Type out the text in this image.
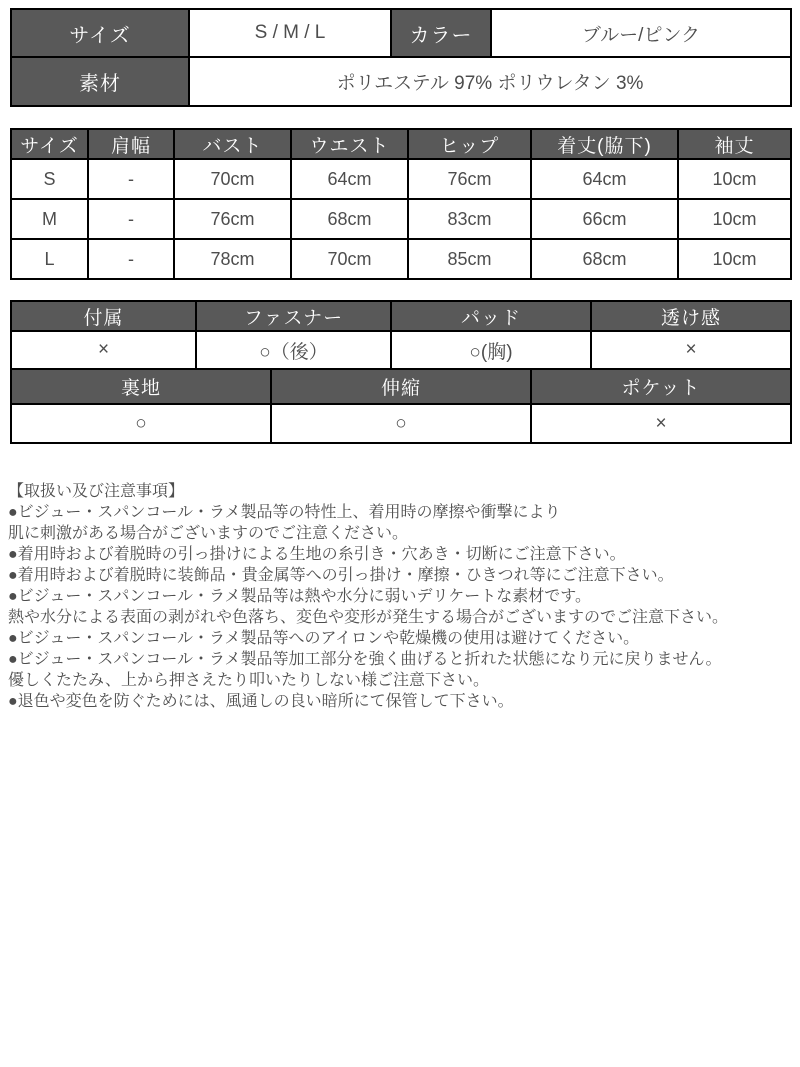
サイズ	S / M / L	カラー	ブルー/ピンク
素材	ポリエステル 97% ポリウレタン 3%		
サイズ	肩幅	バスト	ウエスト	ヒップ	着丈(脇下)	袖丈
S	-	70cm	64cm	76cm	64cm	10cm
M	-	76cm	68cm	83cm	66cm	10cm
L	-	78cm	70cm	85cm	68cm	10cm
付属	ファスナー	パッド	透け感
×	○（後）	○(胸)	×
裏地	伸縮	ポケット
○	○	×
【取扱い及び注意事項】
●ビジュー・スパンコール・ラメ製品等の特性上、着用時の摩擦や衝撃により
肌に刺激がある場合がございますのでご注意ください。
●着用時および着脱時の引っ掛けによる生地の糸引き・穴あき・切断にご注意下さい。
●着用時および着脱時に装飾品・貴金属等への引っ掛け・摩擦・ひきつれ等にご注意下さい。
●ビジュー・スパンコール・ラメ製品等は熱や水分に弱いデリケートな素材です。
熱や水分による表面の剥がれや色落ち、変色や変形が発生する場合がございますのでご注意下さい。
●ビジュー・スパンコール・ラメ製品等へのアイロンや乾燥機の使用は避けてください。
●ビジュー・スパンコール・ラメ製品等加工部分を強く曲げると折れた状態になり元に戻りません。
優しくたたみ、上から押さえたり叩いたりしない様ご注意下さい。
●退色や変色を防ぐためには、風通しの良い暗所にて保管して下さい。
